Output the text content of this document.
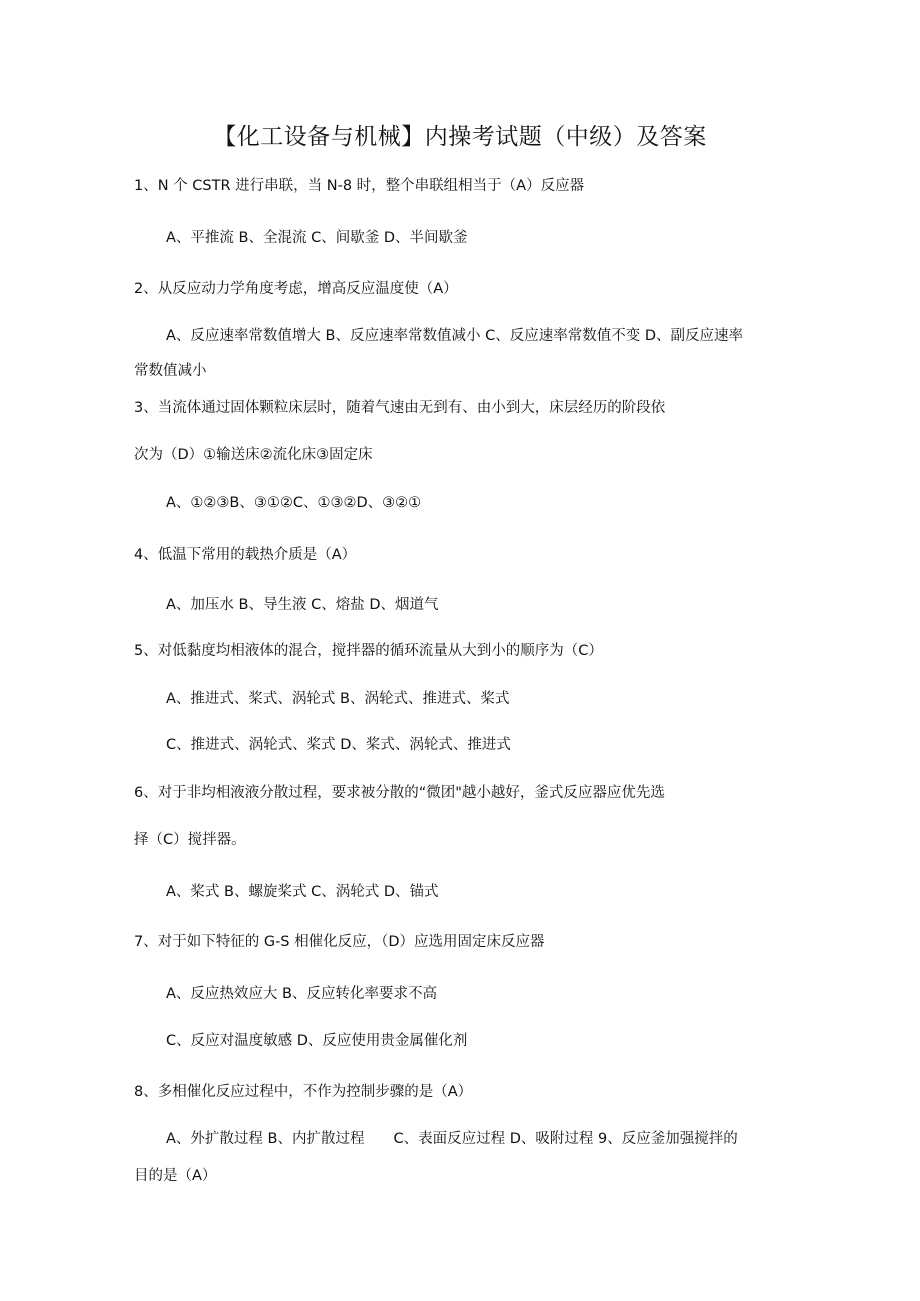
【化工设备与机械】内操考试题（中级）及答案
1、N 个 CSTR 进行串联，当 N-8 时，整个串联组相当于（A）反应器
A、平推流 B、全混流 C、间歇釜 D、半间歇釜
2、从反应动力学角度考虑，增高反应温度使（A）
A、反应速率常数值增大 B、反应速率常数值减小 C、反应速率常数值不变 D、副反应速率
常数值减小
3、当流体通过固体颗粒床层时，随着气速由无到有、由小到大，床层经历的阶段依
次为（D）①输送床②流化床③固定床
A、①②③B、③①②C、①③②D、③②①
4、低温下常用的载热介质是（A）
A、加压水 B、导生液 C、熔盐 D、烟道气
5、对低黏度均相液体的混合，搅拌器的循环流量从大到小的顺序为（C）
A、推进式、桨式、涡轮式 B、涡轮式、推进式、桨式
C、推进式、涡轮式、桨式 D、桨式、涡轮式、推进式
6、对于非均相液液分散过程，要求被分散的“微团"越小越好，釜式反应器应优先选
择（C）搅拌器。
A、桨式 B、螺旋桨式 C、涡轮式 D、锚式
7、对于如下特征的 G-S 相催化反应，（D）应选用固定床反应器
A、反应热效应大 B、反应转化率要求不高
C、反应对温度敏感 D、反应使用贵金属催化剂
8、多相催化反应过程中，不作为控制步骤的是（A）
A、外扩散过程 B、内扩散过程　　C、表面反应过程 D、吸附过程 9、反应釜加强搅拌的
目的是（A）
